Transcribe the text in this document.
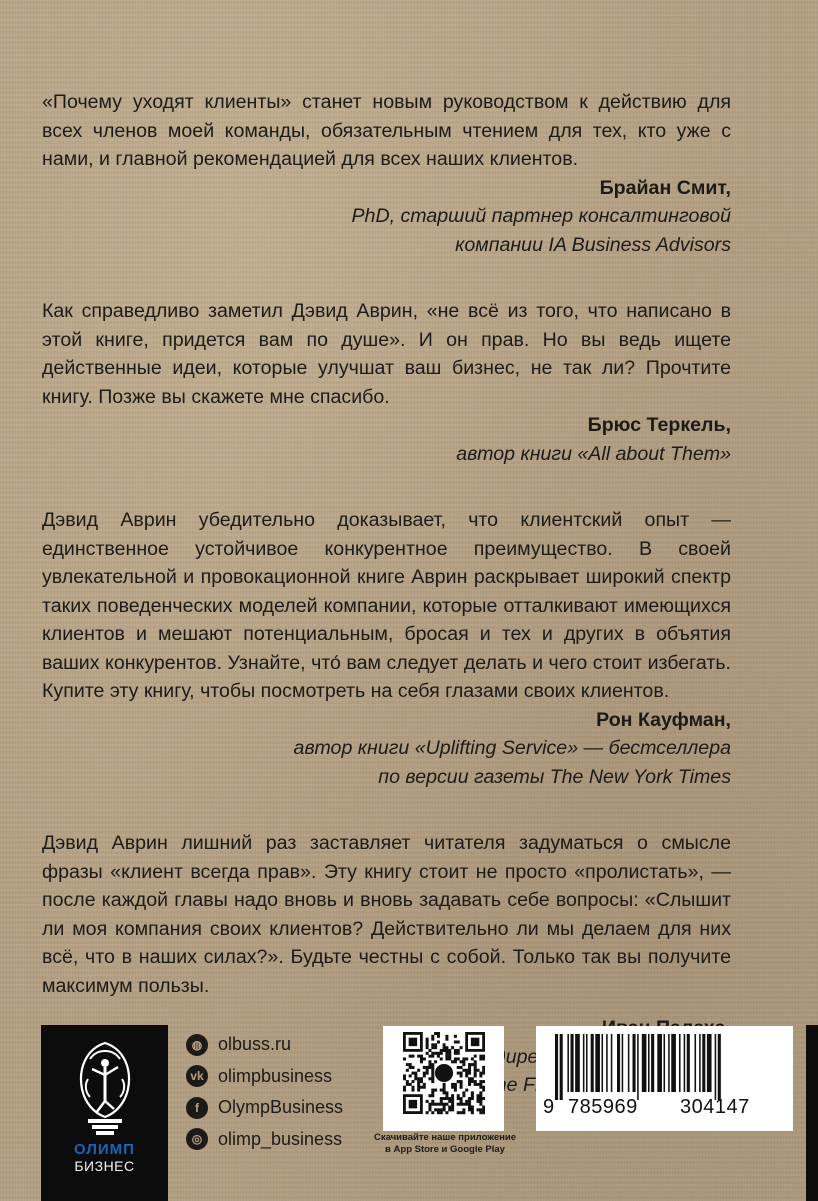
«Почему уходят клиенты» станет новым руководством к действию для всех членов моей команды, обязательным чтением для тех, кто уже с нами, и главной рекомендацией для всех наших клиентов.

Брайан Смит,
PhD, старший партнер консалтинговой
компании IA Business Advisors

Как справедливо заметил Дэвид Аврин, «не всё из того, что написано в этой книге, придется вам по душе». И он прав. Но вы ведь ищете действенные идеи, которые улучшат ваш бизнес, не так ли? Прочтите книгу. Позже вы скажете мне спасибо.

Брюс Теркель,
автор книги «All about Them»

Дэвид Аврин убедительно доказывает, что клиентский опыт — единственное устойчивое конкурентное преимущество. В своей увлекательной и провокационной книге Аврин раскрывает широкий спектр таких поведенческих моделей компании, которые отталкивают имеющихся клиентов и мешают потенциальным, бросая и тех и других в объятия ваших конкурентов. Узнайте, что́ вам следует делать и чего стоит избегать. Купите эту книгу, чтобы посмотреть на себя глазами своих клиентов.

Рон Кауфман,
автор книги «Uplifting Service» — бестселлера
по версии газеты The New York Times

Дэвид Аврин лишний раз заставляет читателя задуматься о смысле фразы «клиент всегда прав». Эту книгу стоит не просто «пролистать», — после каждой главы надо вновь и вновь задавать себе вопросы: «Слышит ли моя компания своих клиентов? Действительно ли мы делаем для них всё, что в наших силах?». Будьте честны с собой. Только так вы получите максимум пользы.

ОЛИМП
БИЗНЕС
◍ olbuss.ru
vk olimpbusiness
f	OlympBusiness
◎ olimp_business	Скачивайте наше приложение
в App Store и Google Play
9 785969 304147
